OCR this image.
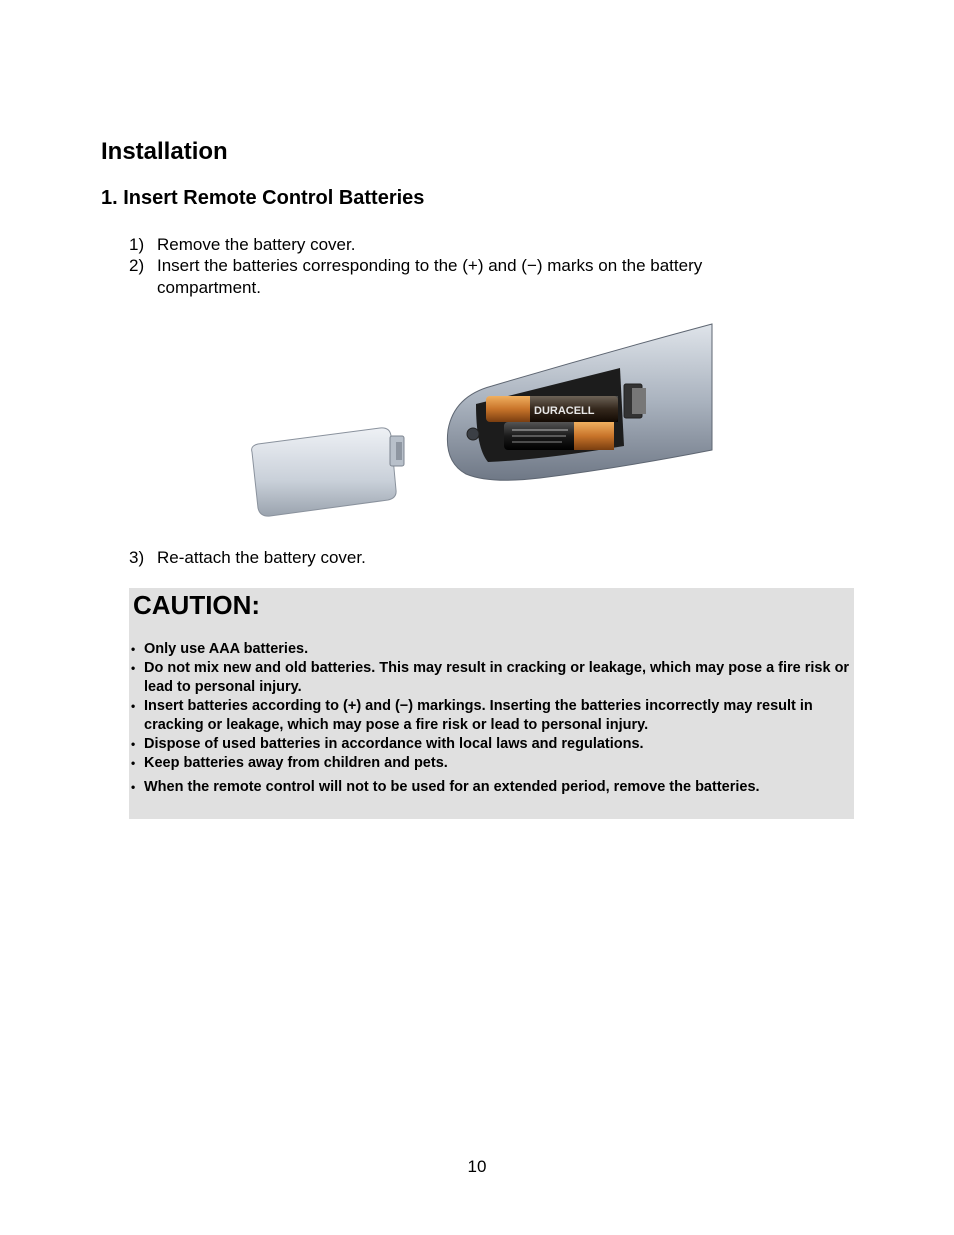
Installation
1. Insert Remote Control Batteries
1) Remove the battery cover.
2) Insert the batteries corresponding to the (+) and (−) marks on the battery compartment.
DURACELL
3) Re-attach the battery cover.
CAUTION:
• Only use AAA batteries.
• Do not mix new and old batteries. This may result in cracking or leakage, which may pose a fire risk or lead to personal injury.
• Insert batteries according to (+) and (−) markings. Inserting the batteries incorrectly may result in cracking or leakage, which may pose a fire risk or lead to personal injury.
• Dispose of used batteries in accordance with local laws and regulations.
• Keep batteries away from children and pets.
• When the remote control will not to be used for an extended period, remove the batteries.
10
